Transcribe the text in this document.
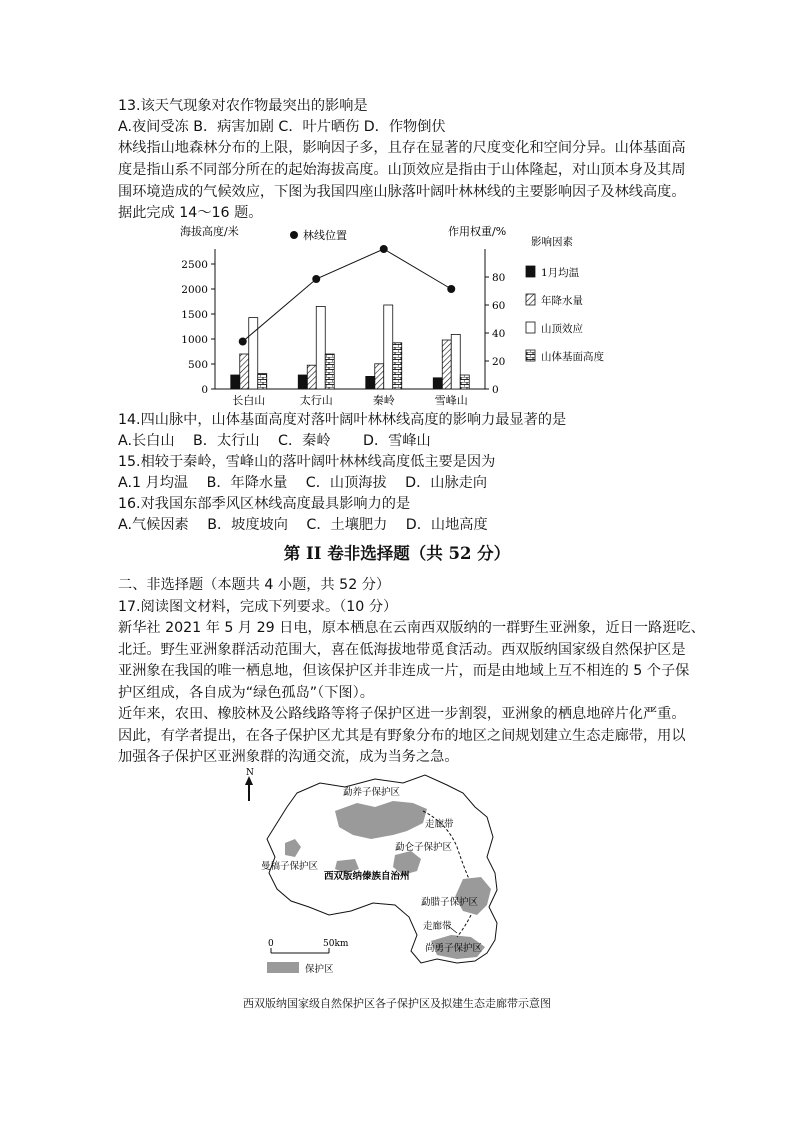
13.该天气现象对农作物最突出的影响是
A.夜间受冻 B．病害加剧 C．叶片晒伤 D．作物倒伏
林线指山地森林分布的上限，影响因子多，且存在显著的尺度变化和空间分异。山体基面高
度是指山系不同部分所在的起始海拔高度。山顶效应是指由于山体隆起，对山顶本身及其周
围环境造成的气候效应，下图为我国四座山脉落叶阔叶林林线的主要影响因子及林线高度。
据此完成 14～16 题。
海拔高度/米	作用权重/%
林线位置
0
500
1000
1500
2000
2500
0
20
40
60
80
长白山	太行山	秦岭	雪峰山
影响因素
1月均温
年降水量
山顶效应
山体基面高度
14.四山脉中，山体基面高度对落叶阔叶林林线高度的影响力最显著的是
A.长白山 B．太行山 C．秦岭 D．雪峰山
15.相较于秦岭，雪峰山的落叶阔叶林林线高度低主要是因为
A.1 月均温 B．年降水量 C．山顶海拔 D．山脉走向
16.对我国东部季风区林线高度最具影响力的是
A.气候因素 B．坡度坡向 C．土壤肥力 D．山地高度
第 II 卷非选择题（共 52 分）
二、非选择题（本题共 4 小题，共 52 分）
17.阅读图文材料，完成下列要求。（10 分）
新华社 2021 年 5 月 29 日电，原本栖息在云南西双版纳的一群野生亚洲象，近日一路逛吃、
北迁。野生亚洲象群活动范围大，喜在低海拔地带觅食活动。西双版纳国家级自然保护区是
亚洲象在我国的唯一栖息地，但该保护区并非连成一片，而是由地域上互不相连的 5 个子保
护区组成，各自成为“绿色孤岛”（下图）。
近年来，农田、橡胶林及公路线路等将子保护区进一步割裂，亚洲象的栖息地碎片化严重。
因此，有学者提出，在各子保护区尤其是有野象分布的地区之间规划建立生态走廊带，用以
加强各子保护区亚洲象群的沟通交流，成为当务之急。
N
勐养子保护区
走廊带
勐仑子保护区
曼稿子保护区
西双版纳傣族自治州
勐腊子保护区
走廊带
尚勇子保护区
0	50km
保护区
西双版纳国家级自然保护区各子保护区及拟建生态走廊带示意图
